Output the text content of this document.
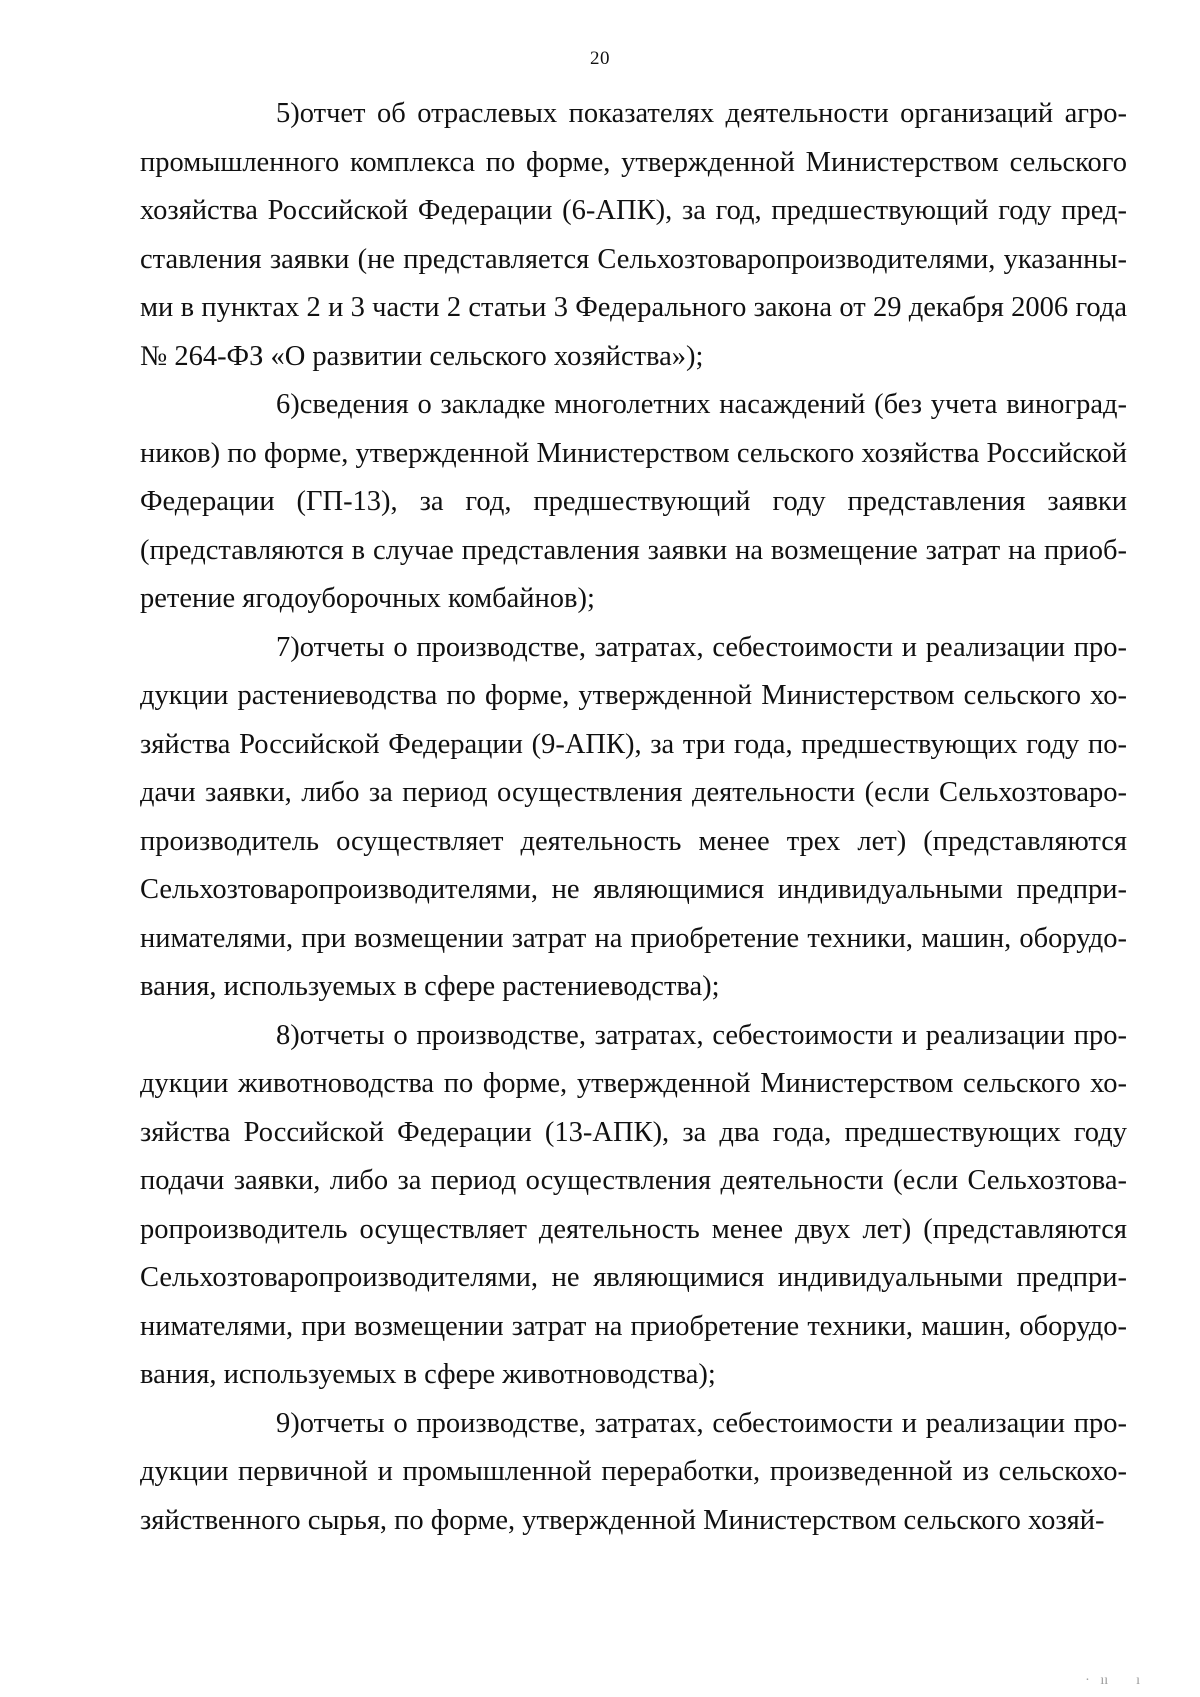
20

5)отчет об отраслевых показателях деятельности организаций агропромышленного комплекса по форме, утвержденной Министерством сельского хозяйства Российской Федерации (6-АПК), за год, предшествующий году представления заявки (не представляется Сельхозтоваропроизводителями, указанными в пунктах 2 и 3 части 2 статьи 3 Федерального закона от 29 декабря 2006 года № 264-ФЗ «О развитии сельского хозяйства»);

6)сведения о закладке многолетних насаждений (без учета виноградников) по форме, утвержденной Министерством сельского хозяйства Российской Федерации (ГП-13), за год, предшествующий году представления заявки (представляются в случае представления заявки на возмещение затрат на приобретение ягодоуборочных комбайнов);

7)отчеты о производстве, затратах, себестоимости и реализации продукции растениеводства по форме, утвержденной Министерством сельского хозяйства Российской Федерации (9-АПК), за три года, предшествующих году подачи заявки, либо за период осуществления деятельности (если Сельхозтоваропроизводитель осуществляет деятельность менее трех лет) (представляются Сельхозтоваропроизводителями, не являющимися индивидуальными предпринимателями, при возмещении затрат на приобретение техники, машин, оборудования, используемых в сфере растениеводства);

8)отчеты о производстве, затратах, себестоимости и реализации продукции животноводства по форме, утвержденной Министерством сельского хозяйства Российской Федерации (13-АПК), за два года, предшествующих году подачи заявки, либо за период осуществления деятельности (если Сельхозтоваропроизводитель осуществляет деятельность менее двух лет) (представляются Сельхозтоваропроизводителями, не являющимися индивидуальными предпринимателями, при возмещении затрат на приобретение техники, машин, оборудования, используемых в сфере животноводства);

9)отчеты о производстве, затратах, себестоимости и реализации продукции первичной и промышленной переработки, произведенной из сельскохозяйственного сырья, по форме, утвержденной Министерством сельского хозяй-

·   ıı        ı
